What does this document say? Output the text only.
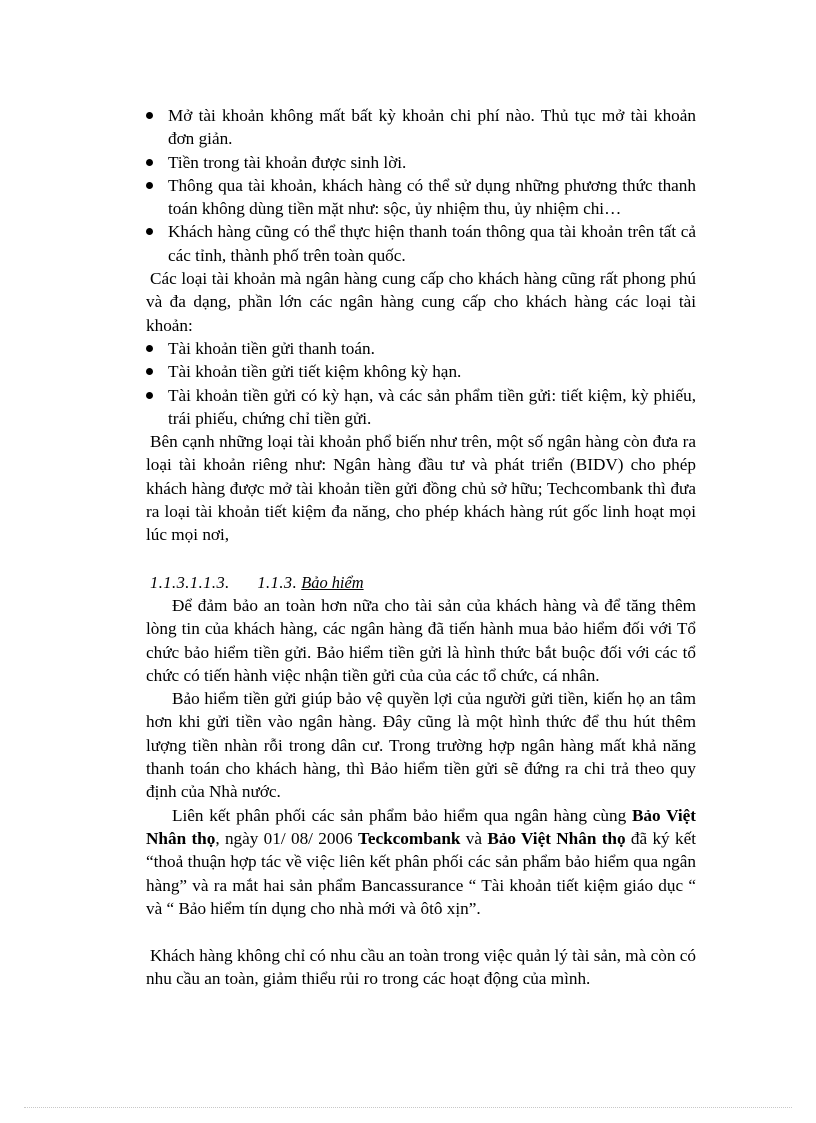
Mở tài khoản không mất bất kỳ khoản chi phí nào. Thủ tục mở tài khoản đơn giản.
Tiền trong tài khoản được sinh lời.
Thông qua tài khoản, khách hàng có thể sử dụng những phương thức thanh toán không dùng tiền mặt như: sộc, ủy nhiệm thu, ủy nhiệm chi…
Khách hàng cũng có thể thực hiện thanh toán thông qua tài khoản trên tất cả các tỉnh, thành phố trên toàn quốc.

Các loại tài khoản mà ngân hàng cung cấp cho khách hàng cũng rất phong phú và đa dạng, phần lớn các ngân hàng cung cấp cho khách hàng các loại tài khoản:

Tài khoản tiền gửi thanh toán.
Tài khoản tiền gửi tiết kiệm không kỳ hạn.
Tài khoản tiền gửi có kỳ hạn, và các sản phẩm tiền gửi: tiết kiệm, kỳ phiếu, trái phiếu, chứng chỉ tiền gửi.

Bên cạnh những loại tài khoản phổ biến như trên, một số ngân hàng còn đưa ra loại tài khoản riêng như: Ngân hàng đầu tư và phát triển (BIDV) cho phép khách hàng được mở tài khoản tiền gửi đồng chủ sở hữu; Techcombank thì đưa ra loại tài khoản tiết kiệm đa năng, cho phép khách hàng rút gốc linh hoạt mọi lúc mọi nơi,

1.1.3.1.1.3.      1.1.3. Bảo hiểm

Để đảm bảo an toàn hơn nữa cho tài sản của khách hàng và để tăng thêm lòng tin của khách hàng, các ngân hàng đã tiến hành mua bảo hiểm đối với Tổ chức bảo hiểm tiền gửi. Bảo hiểm tiền gửi là hình thức bắt buộc đối với các tổ chức có tiến hành việc nhận tiền gửi của của các tổ chức, cá nhân.

Bảo hiểm tiền gửi giúp bảo vệ quyền lợi của người gửi tiền, kiến họ an tâm hơn khi gửi tiền vào ngân hàng. Đây cũng là một hình thức để thu hút thêm lượng tiền nhàn rỗi trong dân cư. Trong trường hợp ngân hàng mất khả năng thanh toán cho khách hàng, thì Bảo hiểm tiền gửi sẽ đứng ra chi trả theo quy định của Nhà nước.

Liên kết phân phối các sản phẩm bảo hiểm qua ngân hàng cùng Bảo Việt Nhân thọ, ngày 01/ 08/ 2006 Teckcombank và Bảo Việt Nhân thọ đã ký kết “thoả thuận hợp tác về việc liên kết phân phối các sản phẩm bảo hiểm qua ngân hàng” và ra mắt hai sản phẩm Bancassurance “ Tài khoản tiết kiệm giáo dục “ và “ Bảo hiểm tín dụng cho nhà mới và ôtô xịn”.

Khách hàng không chỉ có nhu cầu an toàn trong việc quản lý tài sản, mà còn có nhu cầu an toàn, giảm thiểu rủi ro trong các hoạt động của mình.
